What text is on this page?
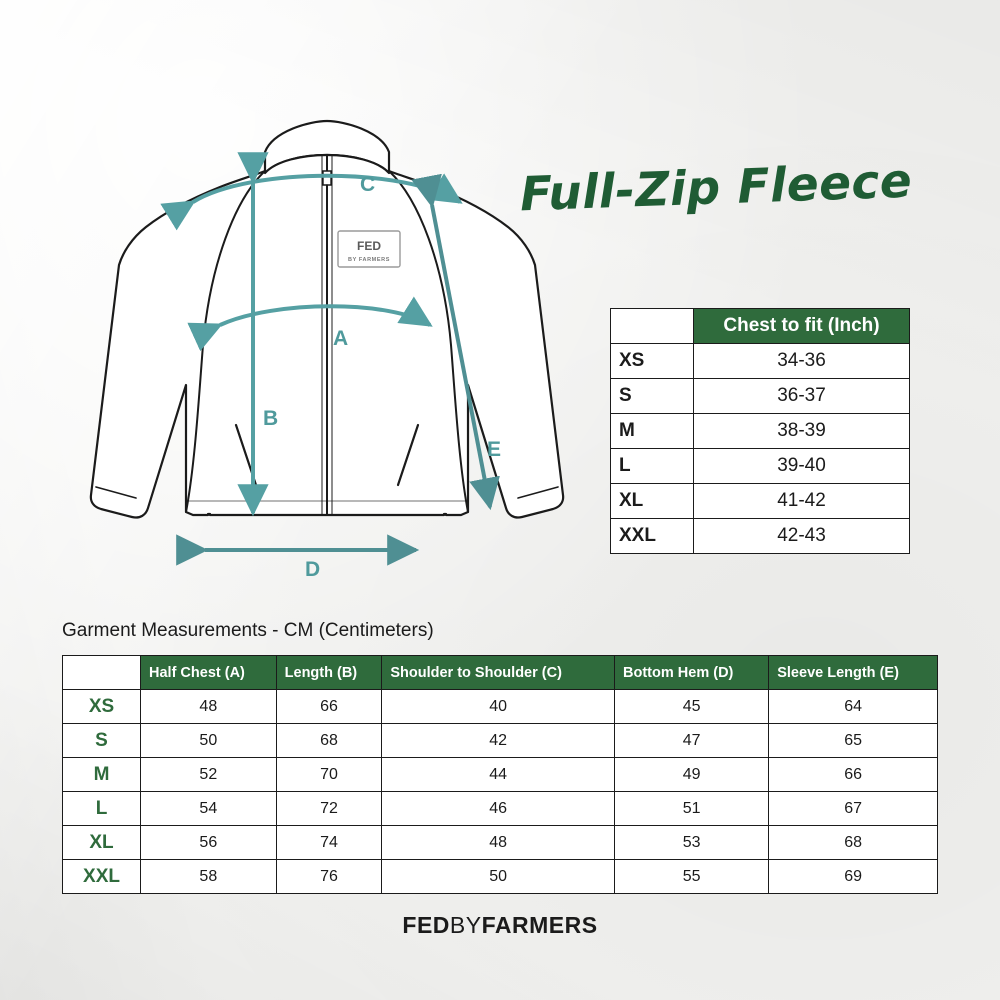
FED
BY FARMERS
C
A
B
D
E
Full-Zip Fleece
	Chest to fit (Inch)
XS	34-36
S	36-37
M	38-39
L	39-40
XL	41-42
XXL	42-43
Garment Measurements - CM (Centimeters)
	Half Chest (A)	Length (B)	Shoulder to Shoulder (C)	Bottom Hem (D)	Sleeve Length (E)
XS	48	66	40	45	64
S	50	68	42	47	65
M	52	70	44	49	66
L	54	72	46	51	67
XL	56	74	48	53	68
XXL	58	76	50	55	69
FEDBYFARMERS
